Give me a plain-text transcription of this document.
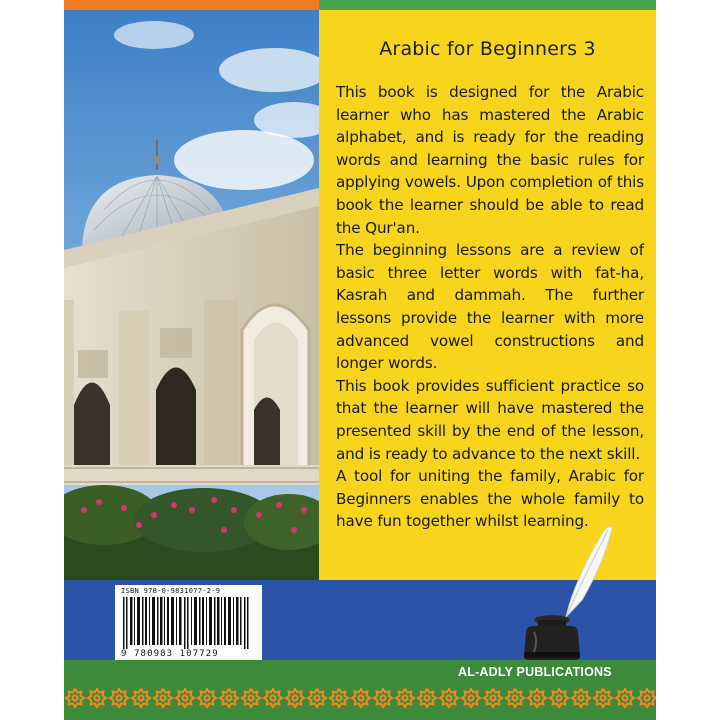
Arabic for Beginners 3

This book is designed for the Arabic learner who has mastered the Arabic alphabet, and is ready for the reading words and learning the basic rules for applying vowels. Upon completion of this book the learner should be able to read the Qur'an.

The beginning lessons are a review of basic three letter words with fat-ha, Kasrah and dammah. The further lessons provide the learner with more advanced vowel constructions and longer words.

This book provides sufficient practice so that the learner will have mastered the presented skill by the end of the lesson, and is ready to advance to the next skill.

A tool for uniting the family, Arabic for Beginners enables the whole family to have fun together whilst learning.

ISBN 978-0-9831077-2-9
9 780983 107729
AL-ADLY PUBLICATIONS
